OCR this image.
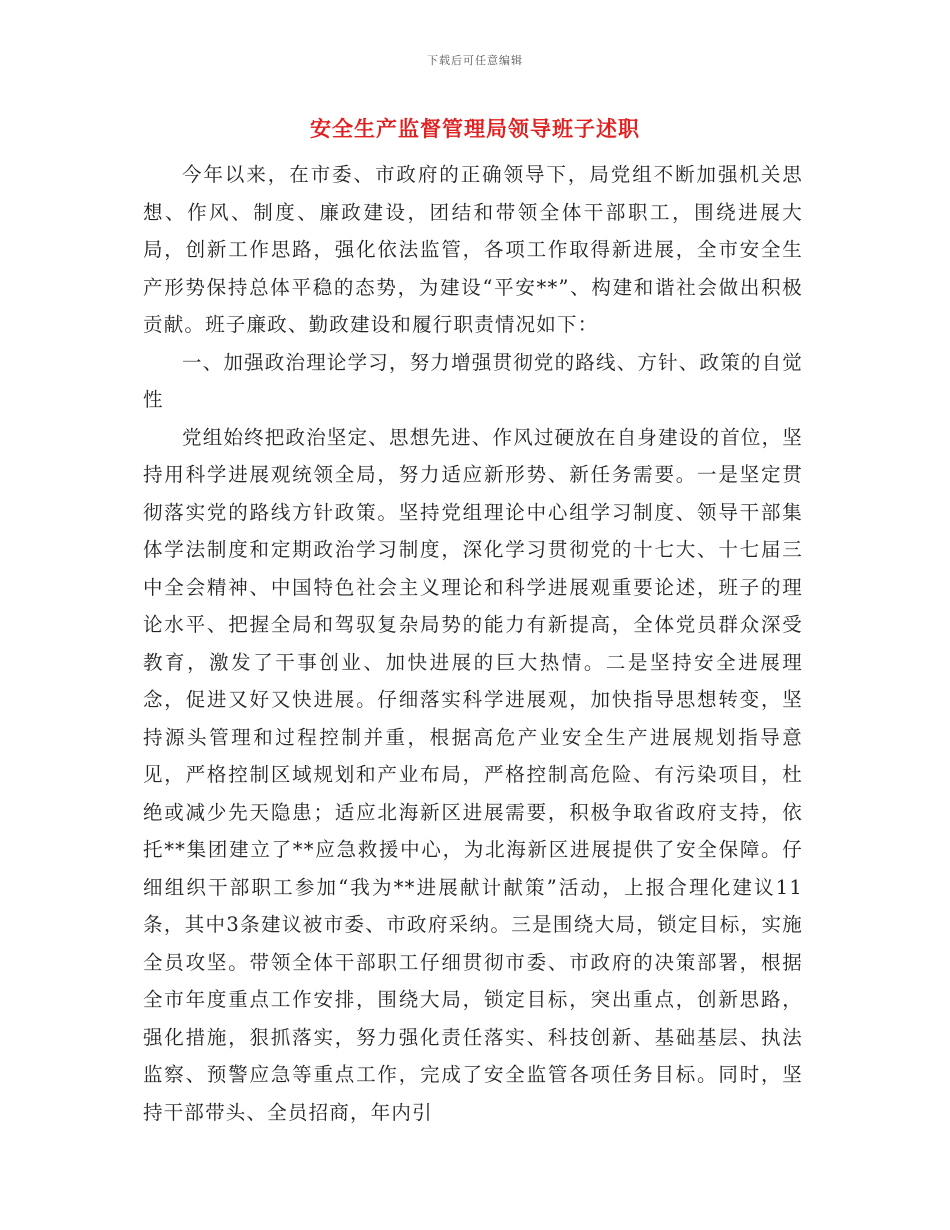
下载后可任意编辑
安全生产监督管理局领导班子述职

今年以来，在市委、市政府的正确领导下，局党组不断加强机关思想、作风、制度、廉政建设，团结和带领全体干部职工，围绕进展大局，创新工作思路，强化依法监管，各项工作取得新进展，全市安全生产形势保持总体平稳的态势，为建设“平安**”、构建和谐社会做出积极贡献。班子廉政、勤政建设和履行职责情况如下：

一、加强政治理论学习，努力增强贯彻党的路线、方针、政策的自觉性

党组始终把政治坚定、思想先进、作风过硬放在自身建设的首位，坚持用科学进展观统领全局，努力适应新形势、新任务需要。一是坚定贯彻落实党的路线方针政策。坚持党组理论中心组学习制度、领导干部集体学法制度和定期政治学习制度，深化学习贯彻党的十七大、十七届三中全会精神、中国特色社会主义理论和科学进展观重要论述，班子的理论水平、把握全局和驾驭复杂局势的能力有新提高，全体党员群众深受教育，激发了干事创业、加快进展的巨大热情。二是坚持安全进展理念，促进又好又快进展。仔细落实科学进展观，加快指导思想转变，坚持源头管理和过程控制并重，根据高危产业安全生产进展规划指导意见，严格控制区域规划和产业布局，严格控制高危险、有污染项目，杜绝或减少先天隐患；适应北海新区进展需要，积极争取省政府支持，依托**集团建立了**应急救援中心，为北海新区进展提供了安全保障。仔细组织干部职工参加“我为**进展献计献策”活动，上报合理化建议11条，其中3条建议被市委、市政府采纳。三是围绕大局，锁定目标，实施全员攻坚。带领全体干部职工仔细贯彻市委、市政府的决策部署，根据全市年度重点工作安排，围绕大局，锁定目标，突出重点，创新思路，强化措施，狠抓落实，努力强化责任落实、科技创新、基础基层、执法监察、预警应急等重点工作，完成了安全监管各项任务目标。同时，坚持干部带头、全员招商，年内引
